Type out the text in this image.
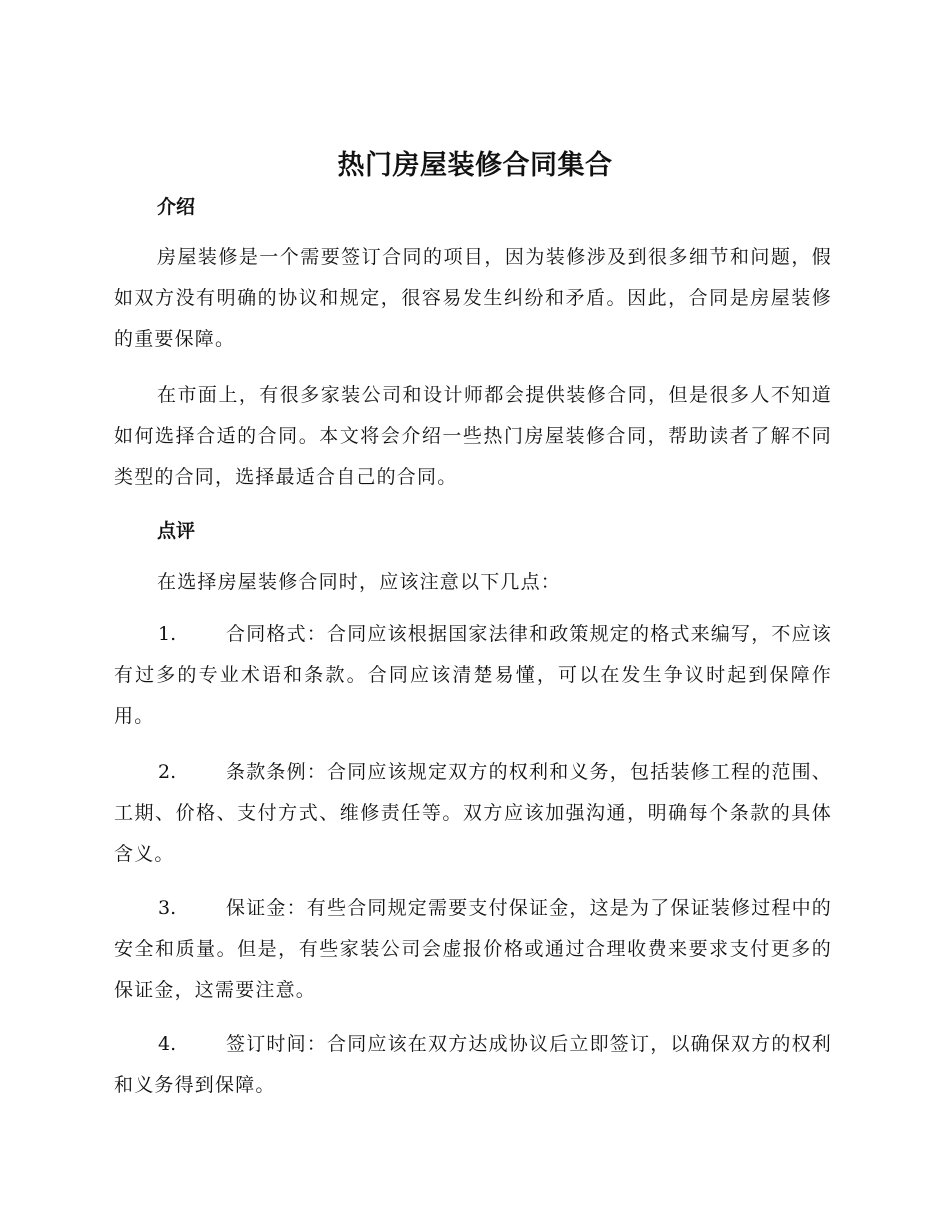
热门房屋装修合同集合
介绍

房屋装修是一个需要签订合同的项目，因为装修涉及到很多细节和问题，假如双方没有明确的协议和规定，很容易发生纠纷和矛盾。因此，合同是房屋装修的重要保障。

在市面上，有很多家装公司和设计师都会提供装修合同，但是很多人不知道如何选择合适的合同。本文将会介绍一些热门房屋装修合同，帮助读者了解不同类型的合同，选择最适合自己的合同。

点评

在选择房屋装修合同时，应该注意以下几点：

1.	合同格式：合同应该根据国家法律和政策规定的格式来编写，不应该有过多的专业术语和条款。合同应该清楚易懂，可以在发生争议时起到保障作用。

2.	条款条例：合同应该规定双方的权利和义务，包括装修工程的范围、工期、价格、支付方式、维修责任等。双方应该加强沟通，明确每个条款的具体含义。

3.	保证金：有些合同规定需要支付保证金，这是为了保证装修过程中的安全和质量。但是，有些家装公司会虚报价格或通过合理收费来要求支付更多的保证金，这需要注意。

4.	签订时间：合同应该在双方达成协议后立即签订，以确保双方的权利和义务得到保障。
